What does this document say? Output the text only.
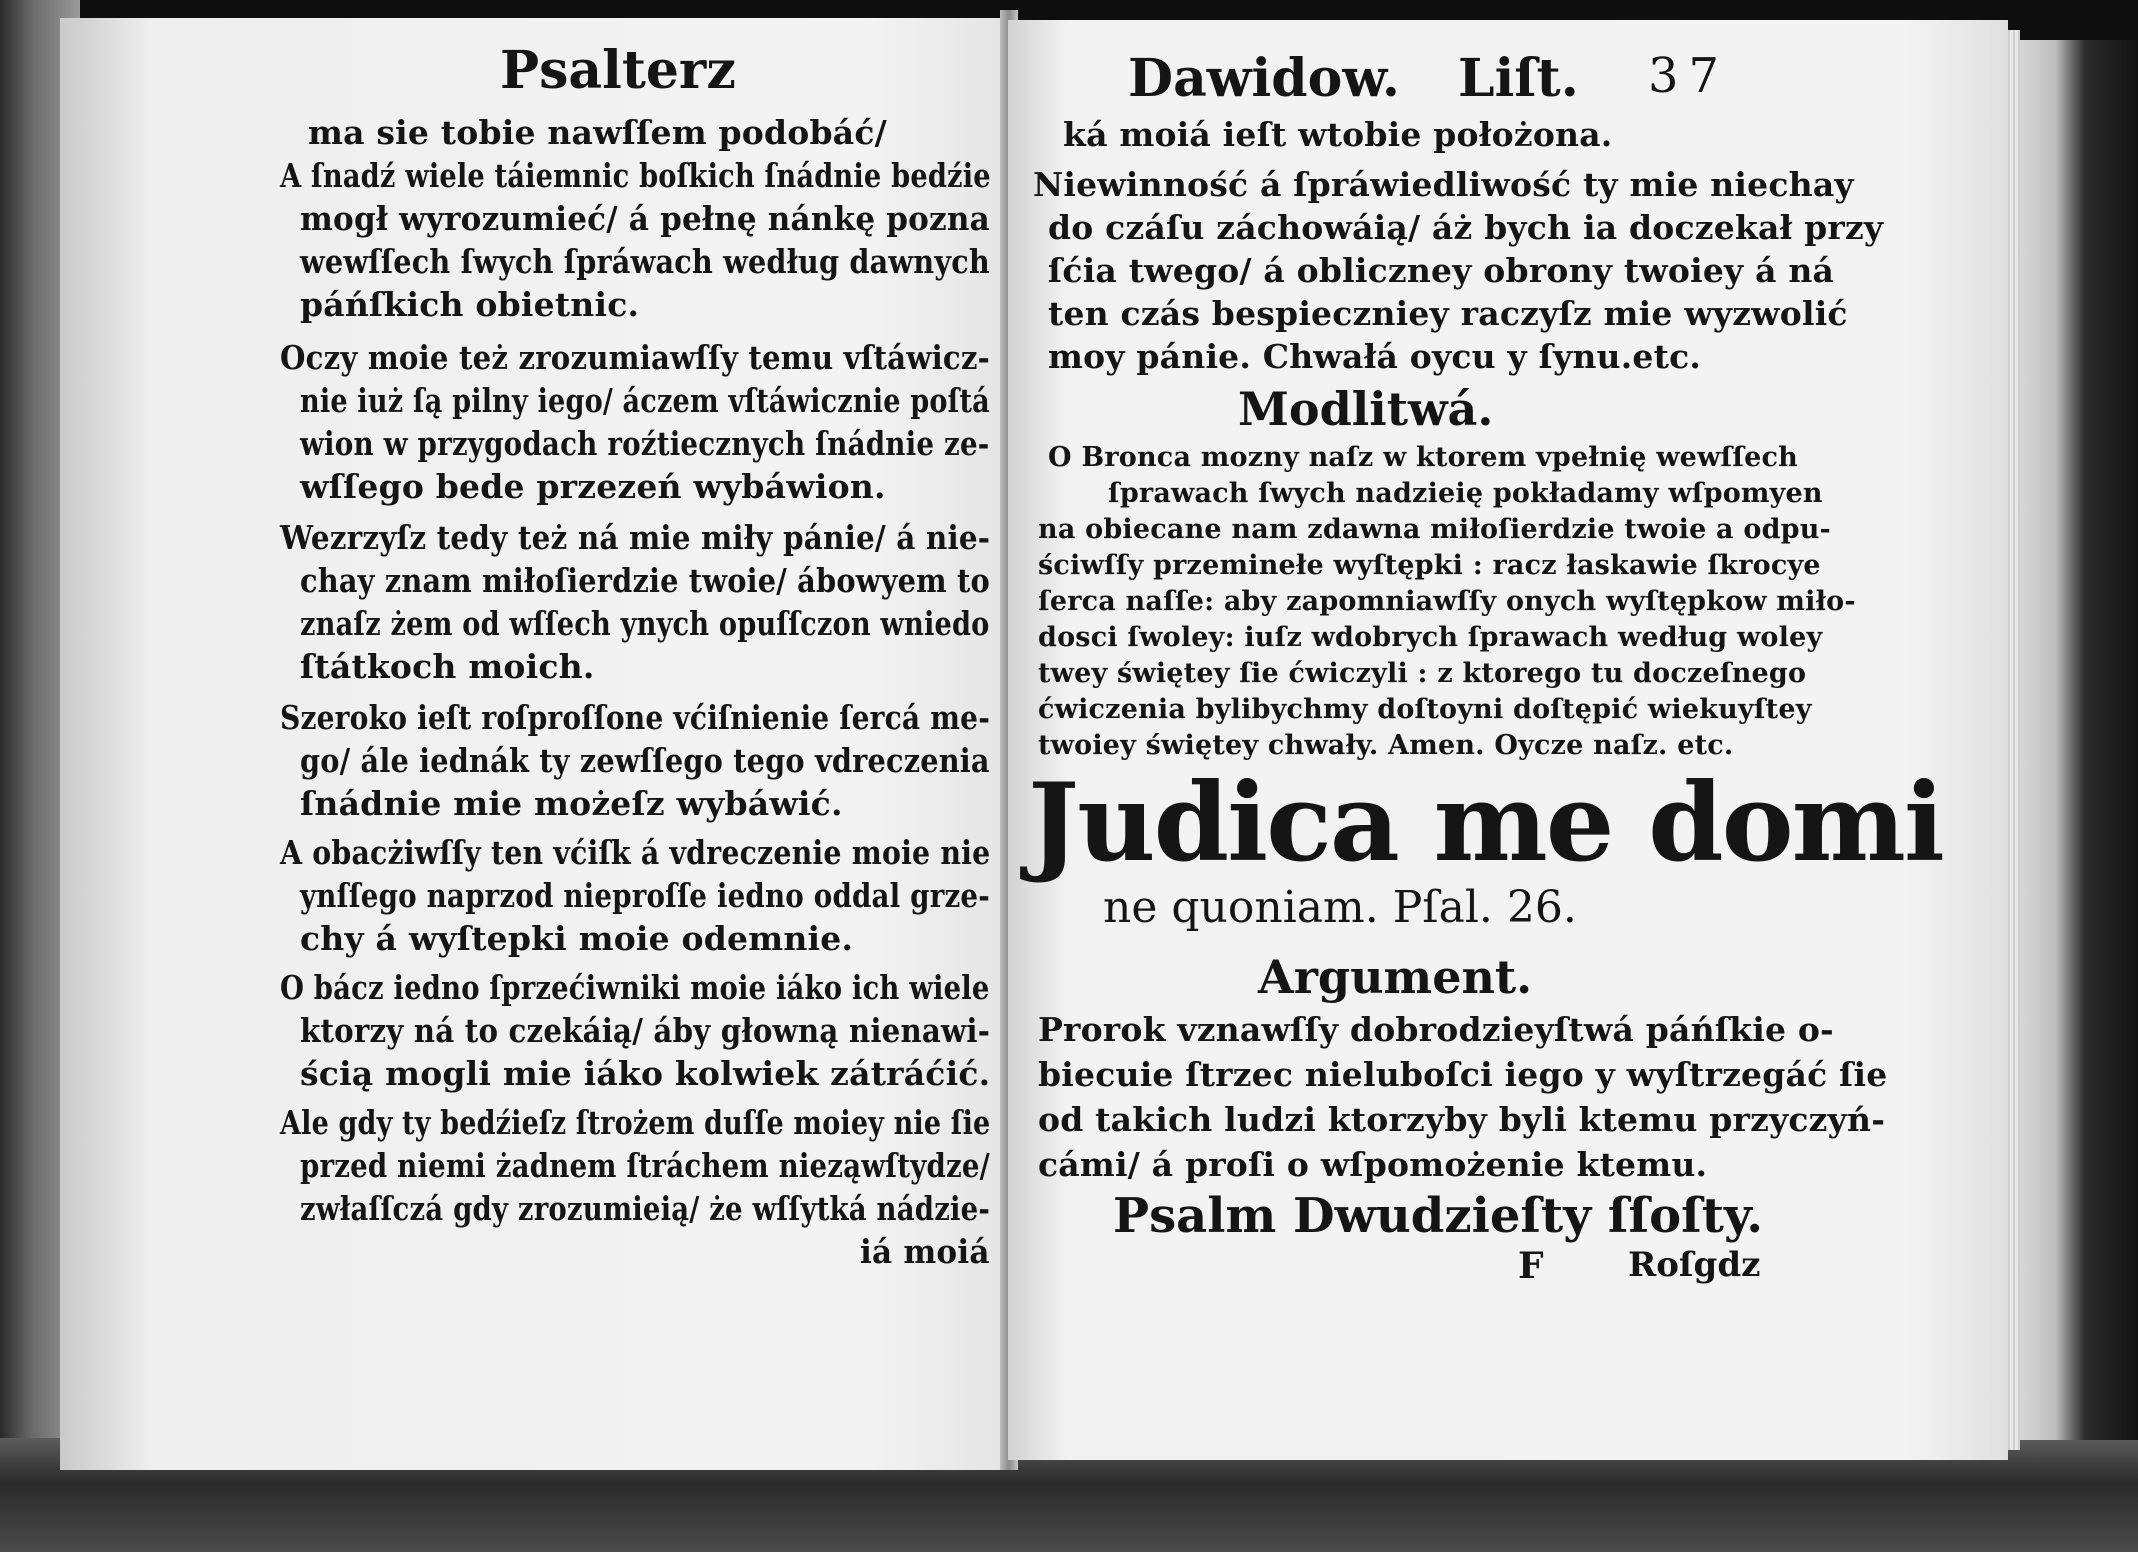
Psalterz
ma sie tobie nawſſem podobáć/
A ſnadź wiele táiemnic boſkich ſnádnie bedźie
mogł wyrozumieć/ á pełnę nánkę pozna
wewſſech ſwych ſpráwach według dawnych
páńſkich obietnic.
Oczy moie też zrozumiawſſy temu vſtáwicz-
nie iuż ſą pilny iego/ áczem vſtáwicznie poſtá
wion w przygodach roźtiecznych ſnádnie ze-
wſſego bede przezeń wybáwion.
Wezrzyſz tedy też ná mie miły pánie/ á nie-
chay znam miłoſierdzie twoie/ ábowyem to
znaſz żem od wſſech ynych opuſſczon wniedo
ſtátkoch moich.
Szeroko ieſt roſproſſone vćiſnienie ſercá me-
go/ ále iednák ty zewſſego tego vdreczenia
ſnádnie mie możeſz wybáwić.
A obacżiwſſy ten vćiſk á vdreczenie moie nie
ynſſego naprzod nieproſſe iedno oddal grze-
chy á wyſtepki moie odemnie.
O bácz iedno ſprzećiwniki moie iáko ich wiele
ktorzy ná to czekáią/ áby głowną nienawi-
ścią mogli mie iáko kolwiek zátráćić.
Ale gdy ty bedźieſz ſtrożem duſſe moiey nie ſie
przed niemi żadnem ſtráchem nieząwſtydze/
zwłaſſczá gdy zrozumieią/ że wſſytká nádzie-
iá moiá
Dawidow. Liſt. 37
ká moiá ieſt wtobie położona.
Niewinność á ſpráwiedliwość ty mie niechay
do czáſu záchowáią/ áż bych ia doczekał przy
ſćia twego/ á obliczney obrony twoiey á ná
ten czás bespieczniey raczyſz mie wyzwolić
moy pánie. Chwałá oycu y ſynu.etc.
Modlitwá.
O Bronca mozny naſz w ktorem vpełnię wewſſech
ſprawach ſwych nadzieię pokładamy wſpomyen
na obiecane nam zdawna miłoſierdzie twoie a odpu-
ściwſſy przeminełe wyſtępki : racz łaskawie ſkrocye
ſerca naſſe: aby zapomniawſſy onych wyſtępkow miło-
dosci ſwoley: iuſz wdobrych ſprawach według woley
twey świętey ſie ćwiczyli : z ktorego tu doczeſnego
ćwiczenia bylibychmy doſtoyni doſtępić wiekuyſtey
twoiey świętey chwały. Amen. Oycze naſz. etc.
Judica me domi
ne quoniam. Pſal. 26.
Argument.
Prorok vznawſſy dobrodzieyſtwá páńſkie o-
biecuie ſtrzec nieluboſci iego y wyſtrzegáć ſie
od takich ludzi ktorzyby byli ktemu przyczyń-
cámi/ á proſi o wſpomożenie ktemu.
Psalm Dwudzieſty ſſoſty.
F Roſgdz
